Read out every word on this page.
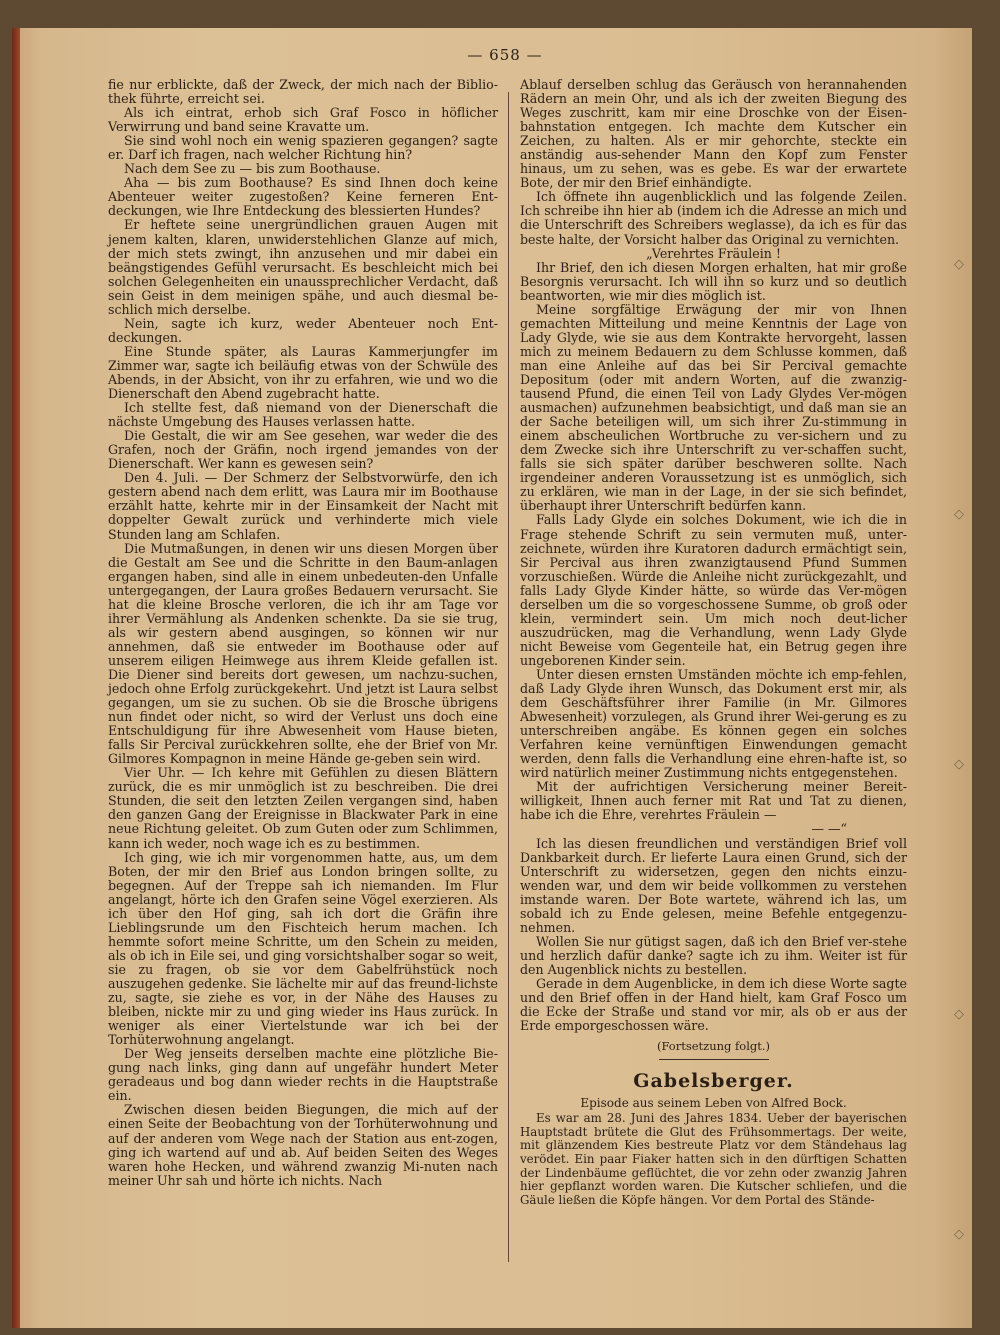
◇
◇
◇
◇
◇
— 658 —

fie nur erblickte, daß der Zweck, der mich nach der Biblio-thek führte, erreicht sei.

Als ich eintrat, erhob sich Graf Fosco in höflicher Verwirrung und band seine Kravatte um.

Sie sind wohl noch ein wenig spazieren gegangen? sagte er. Darf ich fragen, nach welcher Richtung hin?

Nach dem See zu — bis zum Boothause.

Aha — bis zum Boothause? Es sind Ihnen doch keine Abenteuer weiter zugestoßen? Keine ferneren Ent-deckungen, wie Ihre Entdeckung des blessierten Hundes?

Er heftete seine unergründlichen grauen Augen mit jenem kalten, klaren, unwiderstehlichen Glanze auf mich, der mich stets zwingt, ihn anzusehen und mir dabei ein beängstigendes Gefühl verursacht. Es beschleicht mich bei solchen Gelegenheiten ein unaussprechlicher Verdacht, daß sein Geist in dem meinigen spähe, und auch diesmal be-schlich mich derselbe.

Nein, sagte ich kurz, weder Abenteuer noch Ent-deckungen.

Eine Stunde später, als Lauras Kammerjungfer im Zimmer war, sagte ich beiläufig etwas von der Schwüle des Abends, in der Absicht, von ihr zu erfahren, wie und wo die Dienerschaft den Abend zugebracht hatte.

Ich stellte fest, daß niemand von der Dienerschaft die nächste Umgebung des Hauses verlassen hatte.

Die Gestalt, die wir am See gesehen, war weder die des Grafen, noch der Gräfin, noch irgend jemandes von der Dienerschaft. Wer kann es gewesen sein?

Den 4. Juli. — Der Schmerz der Selbstvorwürfe, den ich gestern abend nach dem erlitt, was Laura mir im Boothause erzählt hatte, kehrte mir in der Einsamkeit der Nacht mit doppelter Gewalt zurück und verhinderte mich viele Stunden lang am Schlafen.

Die Mutmaßungen, in denen wir uns diesen Morgen über die Gestalt am See und die Schritte in den Baum-anlagen ergangen haben, sind alle in einem unbedeuten-den Unfalle untergegangen, der Laura großes Bedauern verursacht. Sie hat die kleine Brosche verloren, die ich ihr am Tage vor ihrer Vermählung als Andenken schenkte. Da sie sie trug, als wir gestern abend ausgingen, so können wir nur annehmen, daß sie entweder im Boothause oder auf unserem eiligen Heimwege aus ihrem Kleide gefallen ist. Die Diener sind bereits dort gewesen, um nachzu-suchen, jedoch ohne Erfolg zurückgekehrt. Und jetzt ist Laura selbst gegangen, um sie zu suchen. Ob sie die Brosche übrigens nun findet oder nicht, so wird der Verlust uns doch eine Entschuldigung für ihre Abwesenheit vom Hause bieten, falls Sir Percival zurückkehren sollte, ehe der Brief von Mr. Gilmores Kompagnon in meine Hände ge-geben sein wird.

Vier Uhr. — Ich kehre mit Gefühlen zu diesen Blättern zurück, die es mir unmöglich ist zu beschreiben. Die drei Stunden, die seit den letzten Zeilen vergangen sind, haben den ganzen Gang der Ereignisse in Blackwater Park in eine neue Richtung geleitet. Ob zum Guten oder zum Schlimmen, kann ich weder, noch wage ich es zu bestimmen.

Ich ging, wie ich mir vorgenommen hatte, aus, um dem Boten, der mir den Brief aus London bringen sollte, zu begegnen. Auf der Treppe sah ich niemanden. Im Flur angelangt, hörte ich den Grafen seine Vögel exerzieren. Als ich über den Hof ging, sah ich dort die Gräfin ihre Lieblingsrunde um den Fischteich herum machen. Ich hemmte sofort meine Schritte, um den Schein zu meiden, als ob ich in Eile sei, und ging vorsichtshalber sogar so weit, sie zu fragen, ob sie vor dem Gabelfrühstück noch auszugehen gedenke. Sie lächelte mir auf das freund-lichste zu, sagte, sie ziehe es vor, in der Nähe des Hauses zu bleiben, nickte mir zu und ging wieder ins Haus zurück. In weniger als einer Viertelstunde war ich bei der Torhüterwohnung angelangt.

Der Weg jenseits derselben machte eine plötzliche Bie-gung nach links, ging dann auf ungefähr hundert Meter geradeaus und bog dann wieder rechts in die Hauptstraße ein.

Zwischen diesen beiden Biegungen, die mich auf der einen Seite der Beobachtung von der Torhüterwohnung und auf der anderen vom Wege nach der Station aus ent-zogen, ging ich wartend auf und ab. Auf beiden Seiten des Weges waren hohe Hecken, und während zwanzig Mi-nuten nach meiner Uhr sah und hörte ich nichts. Nach

Ablauf derselben schlug das Geräusch von herannahenden Rädern an mein Ohr, und als ich der zweiten Biegung des Weges zuschritt, kam mir eine Droschke von der Eisen-bahnstation entgegen. Ich machte dem Kutscher ein Zeichen, zu halten. Als er mir gehorchte, steckte ein anständig aus-sehender Mann den Kopf zum Fenster hinaus, um zu sehen, was es gebe. Es war der erwartete Bote, der mir den Brief einhändigte.

Ich öffnete ihn augenblicklich und las folgende Zeilen. Ich schreibe ihn hier ab (indem ich die Adresse an mich und die Unterschrift des Schreibers weglasse), da ich es für das beste halte, der Vorsicht halber das Original zu vernichten.

„Verehrtes Fräulein !

Ihr Brief, den ich diesen Morgen erhalten, hat mir große Besorgnis verursacht. Ich will ihn so kurz und so deutlich beantworten, wie mir dies möglich ist.

Meine sorgfältige Erwägung der mir von Ihnen gemachten Mitteilung und meine Kenntnis der Lage von Lady Glyde, wie sie aus dem Kontrakte hervorgeht, lassen mich zu meinem Bedauern zu dem Schlusse kommen, daß man eine Anleihe auf das bei Sir Percival gemachte Depositum (oder mit andern Worten, auf die zwanzig-tausend Pfund, die einen Teil von Lady Glydes Ver-mögen ausmachen) aufzunehmen beabsichtigt, und daß man sie an der Sache beteiligen will, um sich ihrer Zu-stimmung in einem abscheulichen Wortbruche zu ver-sichern und zu dem Zwecke sich ihre Unterschrift zu ver-schaffen sucht, falls sie sich später darüber beschweren sollte. Nach irgendeiner anderen Voraussetzung ist es unmöglich, sich zu erklären, wie man in der Lage, in der sie sich befindet, überhaupt ihrer Unterschrift bedürfen kann.

Falls Lady Glyde ein solches Dokument, wie ich die in Frage stehende Schrift zu sein vermuten muß, unter-zeichnete, würden ihre Kuratoren dadurch ermächtigt sein, Sir Percival aus ihren zwanzigtausend Pfund Summen vorzuschießen. Würde die Anleihe nicht zurückgezahlt, und falls Lady Glyde Kinder hätte, so würde das Ver-mögen derselben um die so vorgeschossene Summe, ob groß oder klein, vermindert sein. Um mich noch deut-licher auszudrücken, mag die Verhandlung, wenn Lady Glyde nicht Beweise vom Gegenteile hat, ein Betrug gegen ihre ungeborenen Kinder sein.

Unter diesen ernsten Umständen möchte ich emp-fehlen, daß Lady Glyde ihren Wunsch, das Dokument erst mir, als dem Geschäftsführer ihrer Familie (in Mr. Gilmores Abwesenheit) vorzulegen, als Grund ihrer Wei-gerung es zu unterschreiben angäbe. Es können gegen ein solches Verfahren keine vernünftigen Einwendungen gemacht werden, denn falls die Verhandlung eine ehren-hafte ist, so wird natürlich meiner Zustimmung nichts entgegenstehen.

Mit der aufrichtigen Versicherung meiner Bereit-willigkeit, Ihnen auch ferner mit Rat und Tat zu dienen, habe ich die Ehre, verehrtes Fräulein —

— —“

Ich las diesen freundlichen und verständigen Brief voll Dankbarkeit durch. Er lieferte Laura einen Grund, sich der Unterschrift zu widersetzen, gegen den nichts einzu-wenden war, und dem wir beide vollkommen zu verstehen imstande waren. Der Bote wartete, während ich las, um sobald ich zu Ende gelesen, meine Befehle entgegenzu-nehmen.

Wollen Sie nur gütigst sagen, daß ich den Brief ver-stehe und herzlich dafür danke? sagte ich zu ihm. Weiter ist für den Augenblick nichts zu bestellen.

Gerade in dem Augenblicke, in dem ich diese Worte sagte und den Brief offen in der Hand hielt, kam Graf Fosco um die Ecke der Straße und stand vor mir, als ob er aus der Erde emporgeschossen wäre.

(Fortsetzung folgt.)

Gabelsberger.

Episode aus seinem Leben von Alfred Bock.

Es war am 28. Juni des Jahres 1834. Ueber der bayerischen Hauptstadt brütete die Glut des Frühsommertags. Der weite, mit glänzendem Kies bestreute Platz vor dem Ständehaus lag verödet. Ein paar Fiaker hatten sich in den dürftigen Schatten der Lindenbäume geflüchtet, die vor zehn oder zwanzig Jahren hier gepflanzt worden waren. Die Kutscher schliefen, und die Gäule ließen die Köpfe hängen. Vor dem Portal des Stände-
